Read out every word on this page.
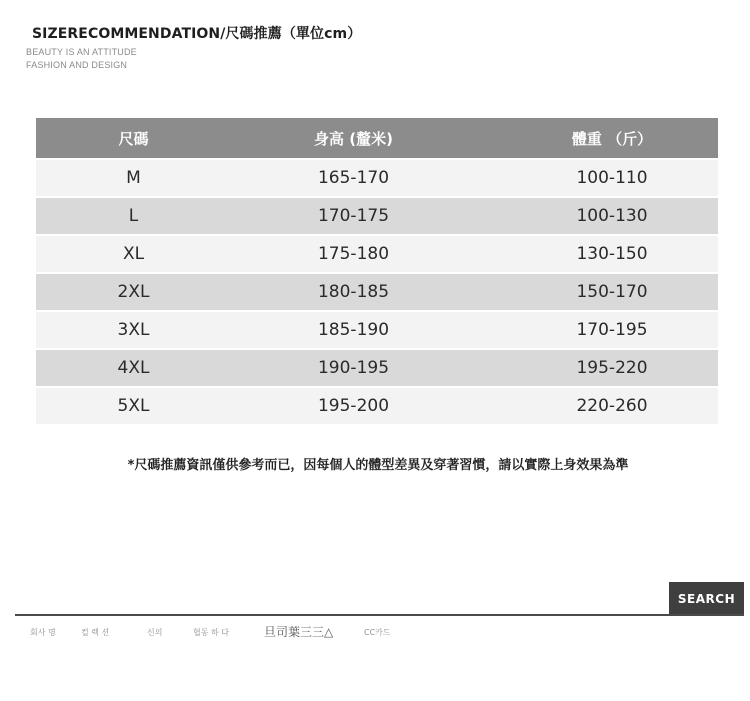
SIZERECOMMENDATION/尺碼推薦（單位cm）
BEAUTY IS AN ATTITUDE
FASHION AND DESIGN
尺碼	身高 (釐米)	體重 （斤）
M	165-170	100-110
L	170-175	100-130
XL	175-180	130-150
2XL	180-185	150-170
3XL	185-190	170-195
4XL	190-195	195-220
5XL	195-200	220-260
*尺碼推薦資訊僅供參考而已，因每個人的體型差異及穿著習慣，請以實際上身效果為準
SEARCH
회사 명	컬 렉 션	신의	협동 하 다	旦司葉三三△	CC카드
